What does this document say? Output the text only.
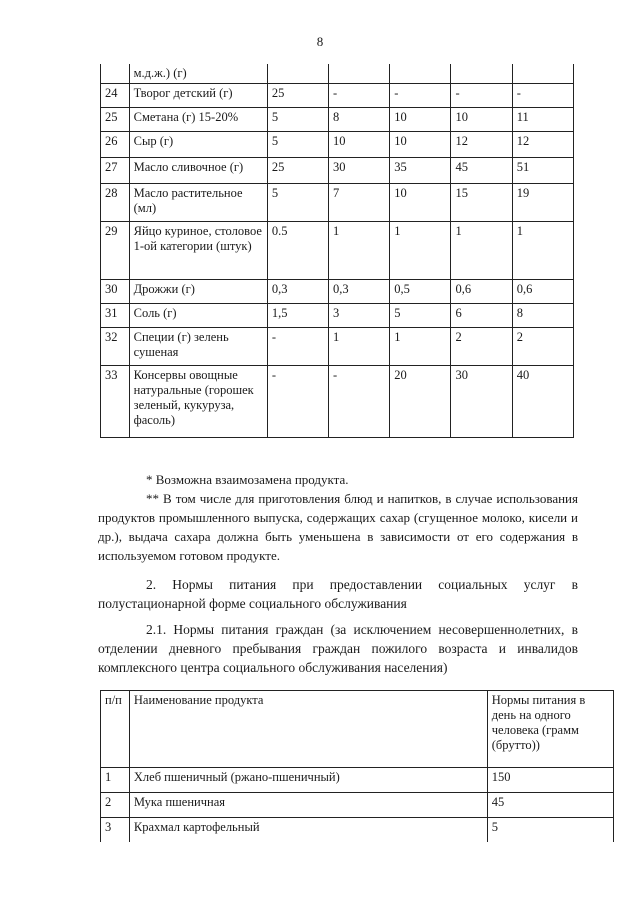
8
	м.д.ж.) (г)					
24	Творог детский (г)	25	-	-	-	-
25	Сметана (г) 15-20%	5	8	10	10	11
26	Сыр (г)	5	10	10	12	12
27	Масло сливочное (г)	25	30	35	45	51
28	Масло растительное (мл)	5	7	10	15	19
29	Яйцо куриное, столовое 1-ой категории (штук)	0.5	1	1	1	1
30	Дрожжи (г)	0,3	0,3	0,5	0,6	0,6
31	Соль (г)	1,5	3	5	6	8
32	Специи (г) зелень сушеная	-	1	1	2	2
33	Консервы овощные натуральные (горошек зеленый, кукуруза, фасоль)	-	-	20	30	40

* Возможна взаимозамена продукта.

** В том числе для приготовления блюд и напитков, в случае использования продуктов промышленного выпуска, содержащих сахар (сгущенное молоко, кисели и др.), выдача сахара должна быть уменьшена в зависимости от его содержания в используемом готовом продукте.

2. Нормы питания при предоставлении социальных услуг в полустационарной форме социального обслуживания

2.1. Нормы питания граждан (за исключением несовершеннолетних, в отделении дневного пребывания граждан пожилого возраста и инвалидов комплексного центра социального обслуживания населения)

п/п	Наименование продукта	Нормы питания в день на одного человека (грамм (брутто))
1	Хлеб пшеничный (ржано-пшеничный)	150
2	Мука пшеничная	45
3	Крахмал картофельный	5
